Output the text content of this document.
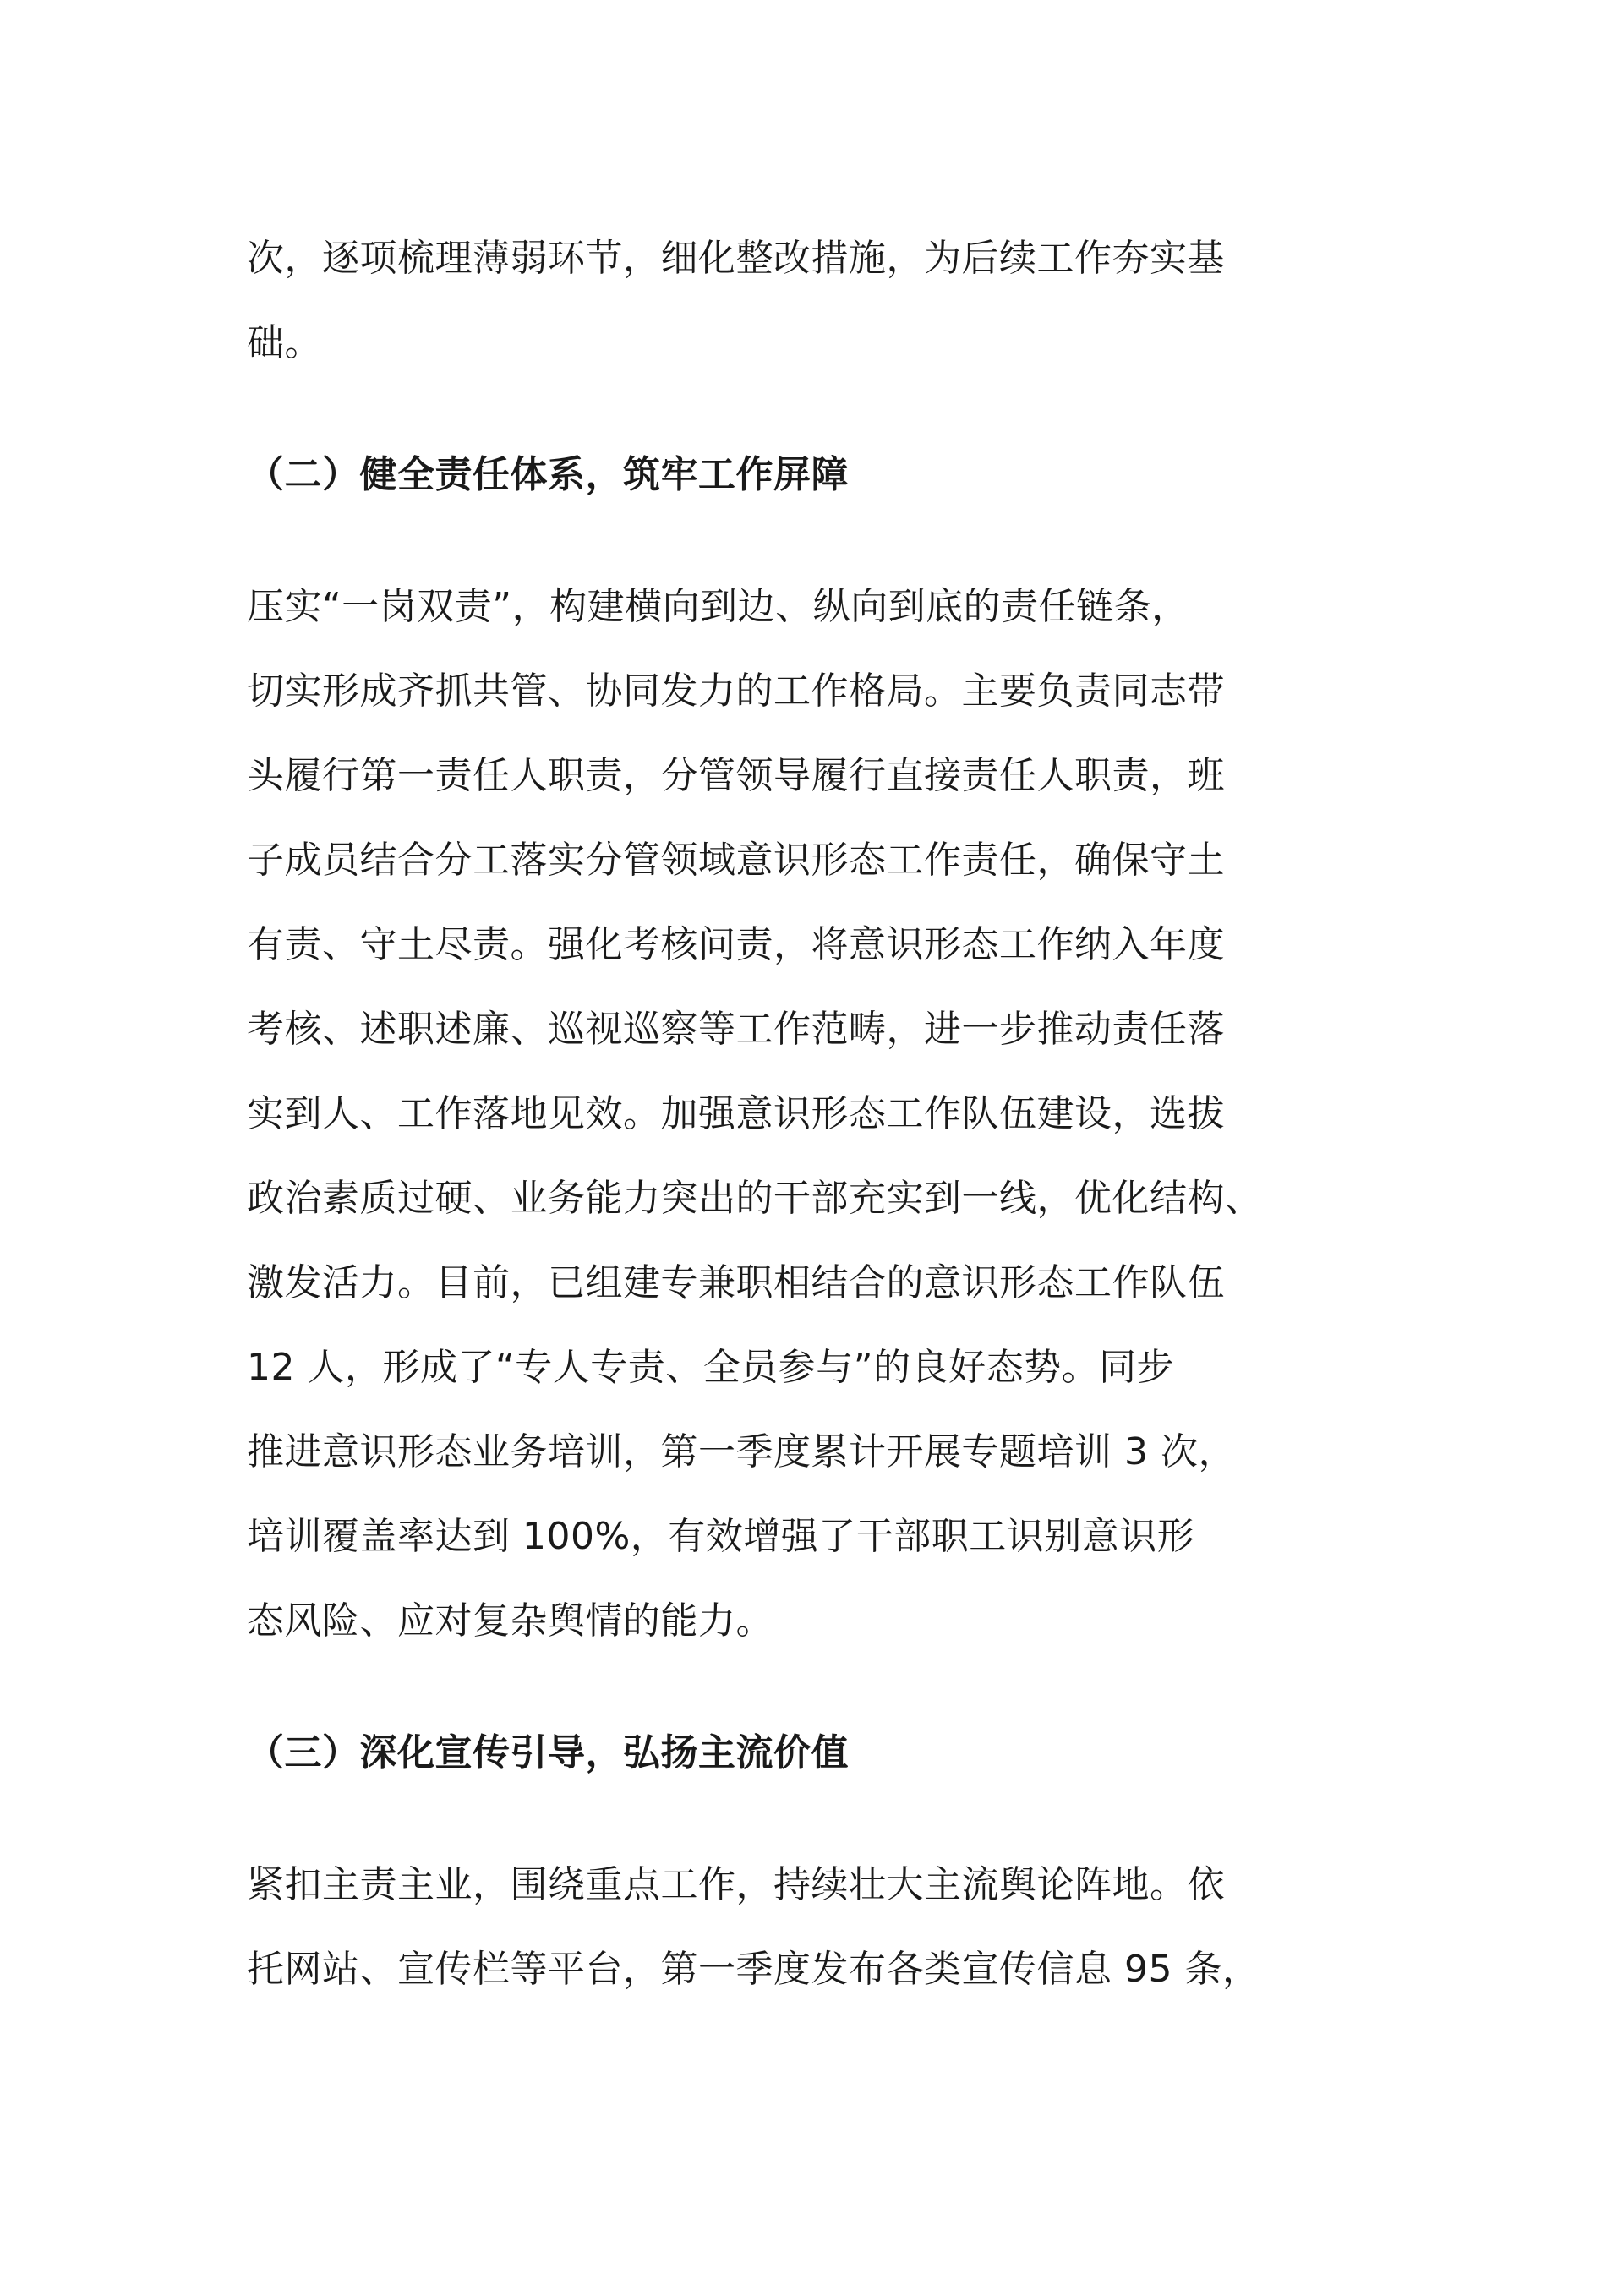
次，逐项梳理薄弱环节，细化整改措施，为后续工作夯实基
础。
（二）健全责任体系，筑牢工作屏障
压实“一岗双责”，构建横向到边、纵向到底的责任链条，
切实形成齐抓共管、协同发力的工作格局。主要负责同志带
头履行第一责任人职责，分管领导履行直接责任人职责，班
子成员结合分工落实分管领域意识形态工作责任，确保守土
有责、守土尽责。强化考核问责，将意识形态工作纳入年度
考核、述职述廉、巡视巡察等工作范畴，进一步推动责任落
实到人、工作落地见效。加强意识形态工作队伍建设，选拔
政治素质过硬、业务能力突出的干部充实到一线，优化结构、
激发活力。目前，已组建专兼职相结合的意识形态工作队伍
12 人，形成了“专人专责、全员参与”的良好态势。同步
推进意识形态业务培训，第一季度累计开展专题培训 3 次，
培训覆盖率达到 100%，有效增强了干部职工识别意识形
态风险、应对复杂舆情的能力。
（三）深化宣传引导，弘扬主流价值
紧扣主责主业，围绕重点工作，持续壮大主流舆论阵地。依
托网站、宣传栏等平台，第一季度发布各类宣传信息 95 条，
